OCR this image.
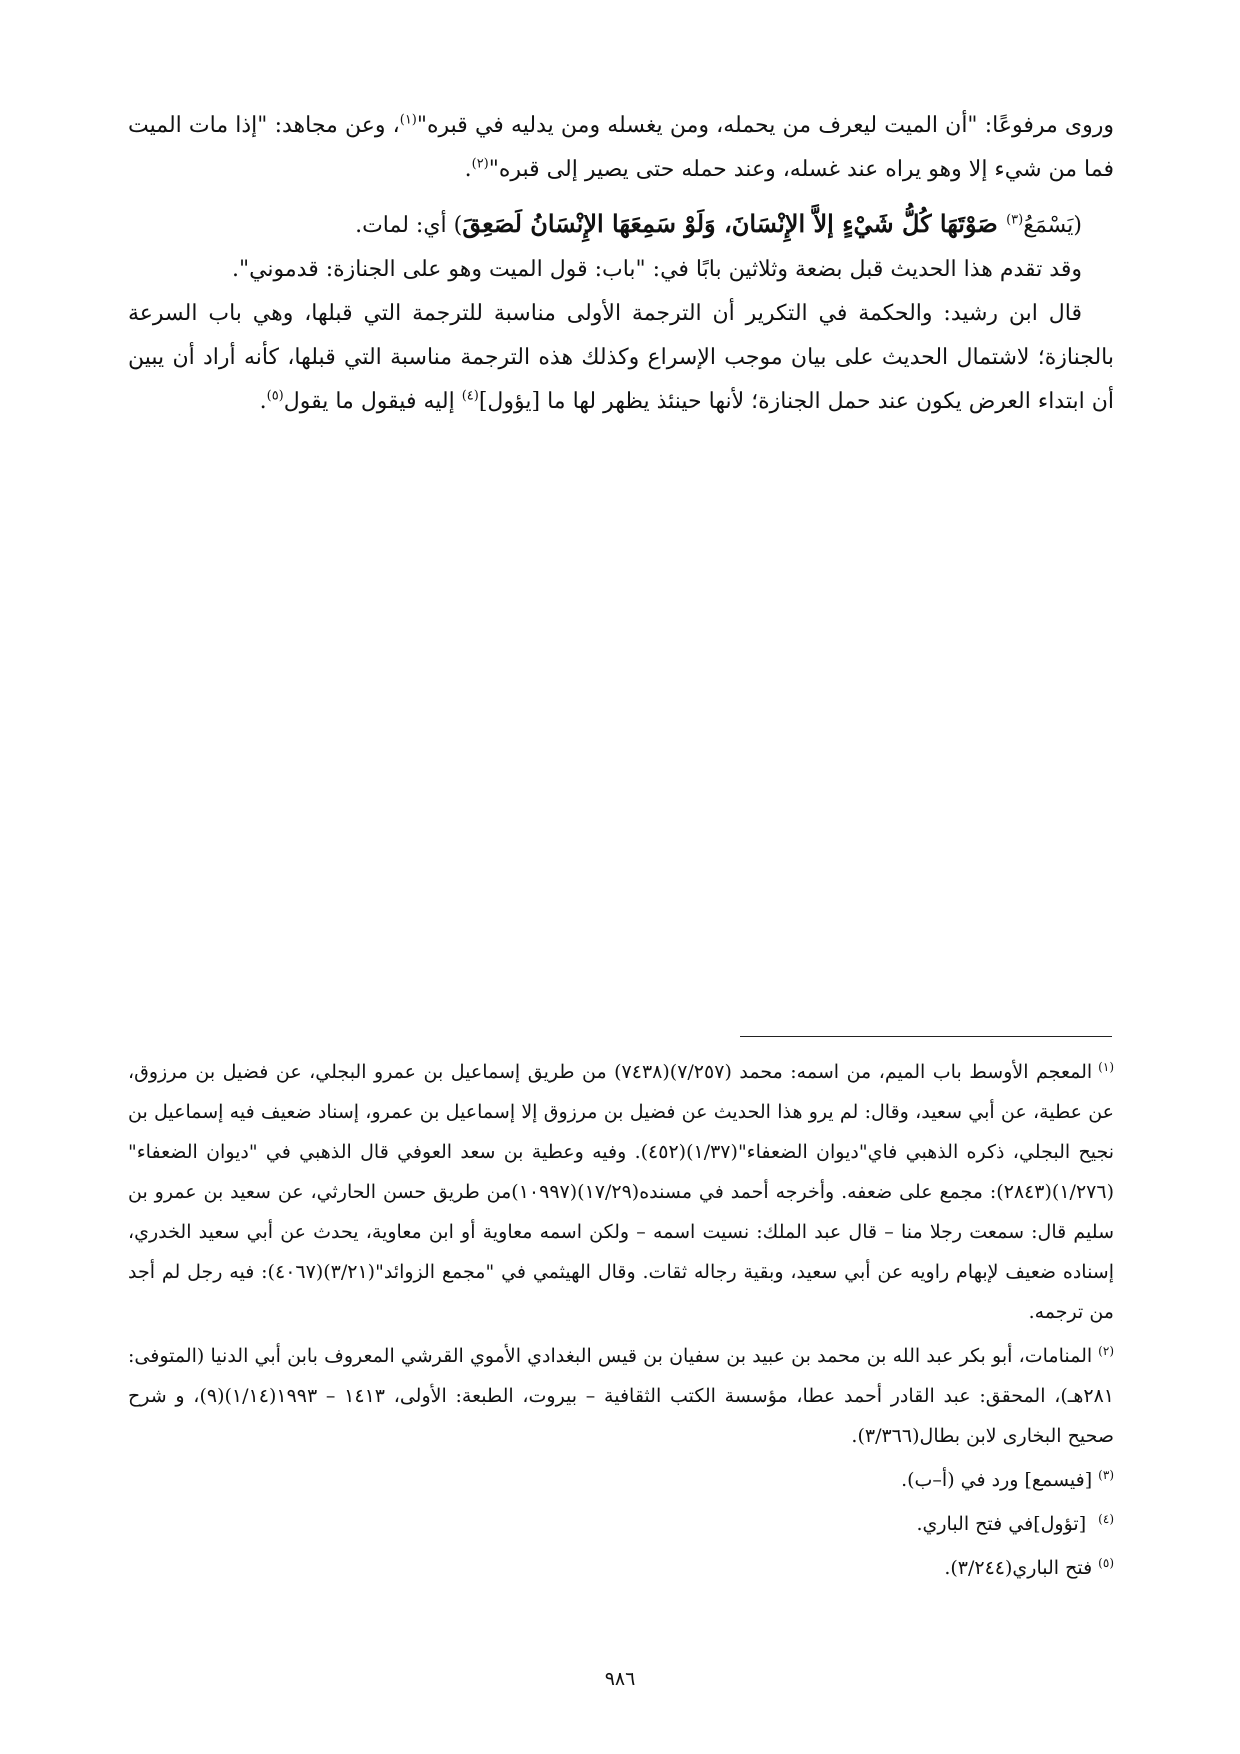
وروى مرفوعًا: "أن الميت ليعرف من يحمله، ومن يغسله ومن يدليه في قبره"$^{(١)}$، وعن مجاهد: "إذا مات الميت فما من شيء إلا وهو يراه عند غسله، وعند حمله حتى يصير إلى قبره"$^{(٢)}$.

(يَسْمَعُ$^{(٣)}$ صَوْتَهَا كُلُّ شَيْءٍ إلاَّ الإِنْسَانَ، وَلَوْ سَمِعَهَا الإِنْسَانُ لَصَعِقَ) أي: لمات.

وقد تقدم هذا الحديث قبل بضعة وثلاثين بابًا في: "باب: قول الميت وهو على الجنازة: قدموني".

قال ابن رشيد: والحكمة في التكرير أن الترجمة الأولى مناسبة للترجمة التي قبلها، وهي باب السرعة بالجنازة؛ لاشتمال الحديث على بيان موجب الإسراع وكذلك هذه الترجمة مناسبة التي قبلها، كأنه أراد أن يبين أن ابتداء العرض يكون عند حمل الجنازة؛ لأنها حينئذ يظهر لها ما [يؤول]$^{(٤)}$ إليه فيقول ما يقول$^{(٥)}$.

$^{(١)}$المعجم الأوسط باب الميم، من اسمه: محمد (٧/٢٥٧)(٧٤٣٨) من طريق إسماعيل بن عمرو البجلي، عن فضيل بن مرزوق، عن عطية، عن أبي سعيد، وقال: لم يرو هذا الحديث عن فضيل بن مرزوق إلا إسماعيل بن عمرو، إسناد ضعيف فيه إسماعيل بن نجيح البجلي، ذكره الذهبي فاي"ديوان الضعفاء"(١/٣٧)(٤٥٢). وفيه وعطية بن سعد العوفي قال الذهبي في "ديوان الضعفاء"(١/٢٧٦)(٢٨٤٣): مجمع على ضعفه. وأخرجه أحمد في مسنده(١٧/٢٩)(١٠٩٩٧)من طريق حسن الحارثي، عن سعيد بن عمرو بن سليم قال: سمعت رجلا منا – قال عبد الملك: نسيت اسمه – ولكن اسمه معاوية أو ابن معاوية، يحدث عن أبي سعيد الخدري، إسناده ضعيف لإبهام راويه عن أبي سعيد، وبقية رجاله ثقات. وقال الهيثمي في "مجمع الزوائد"(٣/٢١)(٤٠٦٧): فيه رجل لم أجد من ترجمه.

$^{(٢)}$المنامات، أبو بكر عبد الله بن محمد بن عبيد بن سفيان بن قيس البغدادي الأموي القرشي المعروف بابن أبي الدنيا (المتوفى: ٢٨١هـ)، المحقق: عبد القادر أحمد عطا، مؤسسة الكتب الثقافية – بيروت، الطبعة: الأولى، ١٤١٣ – ١٩٩٣(١/١٤)(٩)، و شرح صحيح البخارى لابن بطال(٣/٣٦٦).

$^{(٣)}$[فيسمع] ورد في (أ–ب).

$^{(٤)}$ [تؤول]في فتح الباري.

$^{(٥)}$فتح الباري(٣/٢٤٤).

٩٨٦
